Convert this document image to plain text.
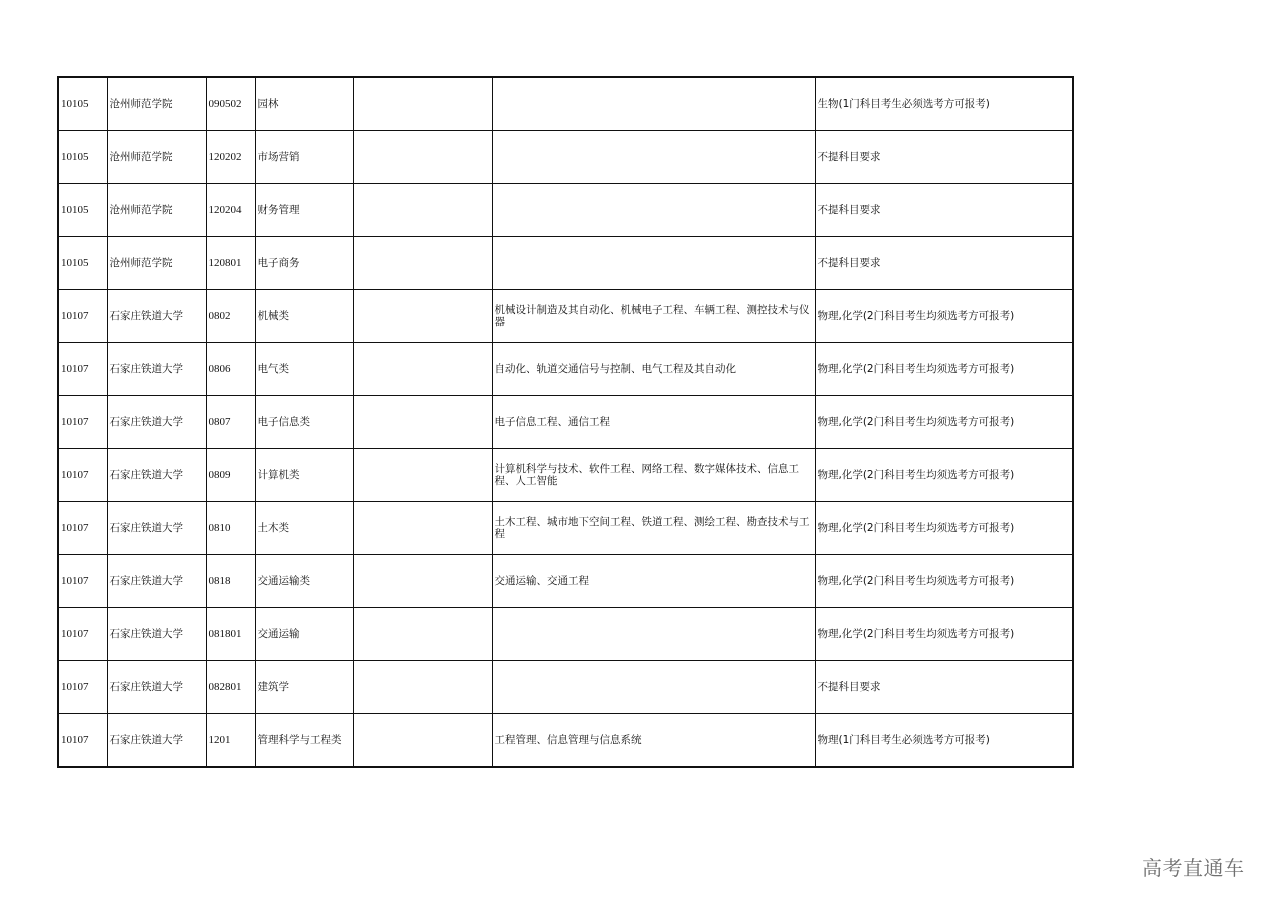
10105	沧州师范学院	090502	园林			生物(1门科目考生必须选考方可报考)
10105	沧州师范学院	120202	市场营销			不提科目要求
10105	沧州师范学院	120204	财务管理			不提科目要求
10105	沧州师范学院	120801	电子商务			不提科目要求
10107	石家庄铁道大学	0802	机械类		机械设计制造及其自动化、机械电子工程、车辆工程、测控技术与仪器	物理,化学(2门科目考生均须选考方可报考)
10107	石家庄铁道大学	0806	电气类		自动化、轨道交通信号与控制、电气工程及其自动化	物理,化学(2门科目考生均须选考方可报考)
10107	石家庄铁道大学	0807	电子信息类		电子信息工程、通信工程	物理,化学(2门科目考生均须选考方可报考)
10107	石家庄铁道大学	0809	计算机类		计算机科学与技术、软件工程、网络工程、数字媒体技术、信息工程、人工智能	物理,化学(2门科目考生均须选考方可报考)
10107	石家庄铁道大学	0810	土木类		土木工程、城市地下空间工程、铁道工程、测绘工程、勘查技术与工程	物理,化学(2门科目考生均须选考方可报考)
10107	石家庄铁道大学	0818	交通运输类		交通运输、交通工程	物理,化学(2门科目考生均须选考方可报考)
10107	石家庄铁道大学	081801	交通运输			物理,化学(2门科目考生均须选考方可报考)
10107	石家庄铁道大学	082801	建筑学			不提科目要求
10107	石家庄铁道大学	1201	管理科学与工程类		工程管理、信息管理与信息系统	物理(1门科目考生必须选考方可报考)
高考直通车
